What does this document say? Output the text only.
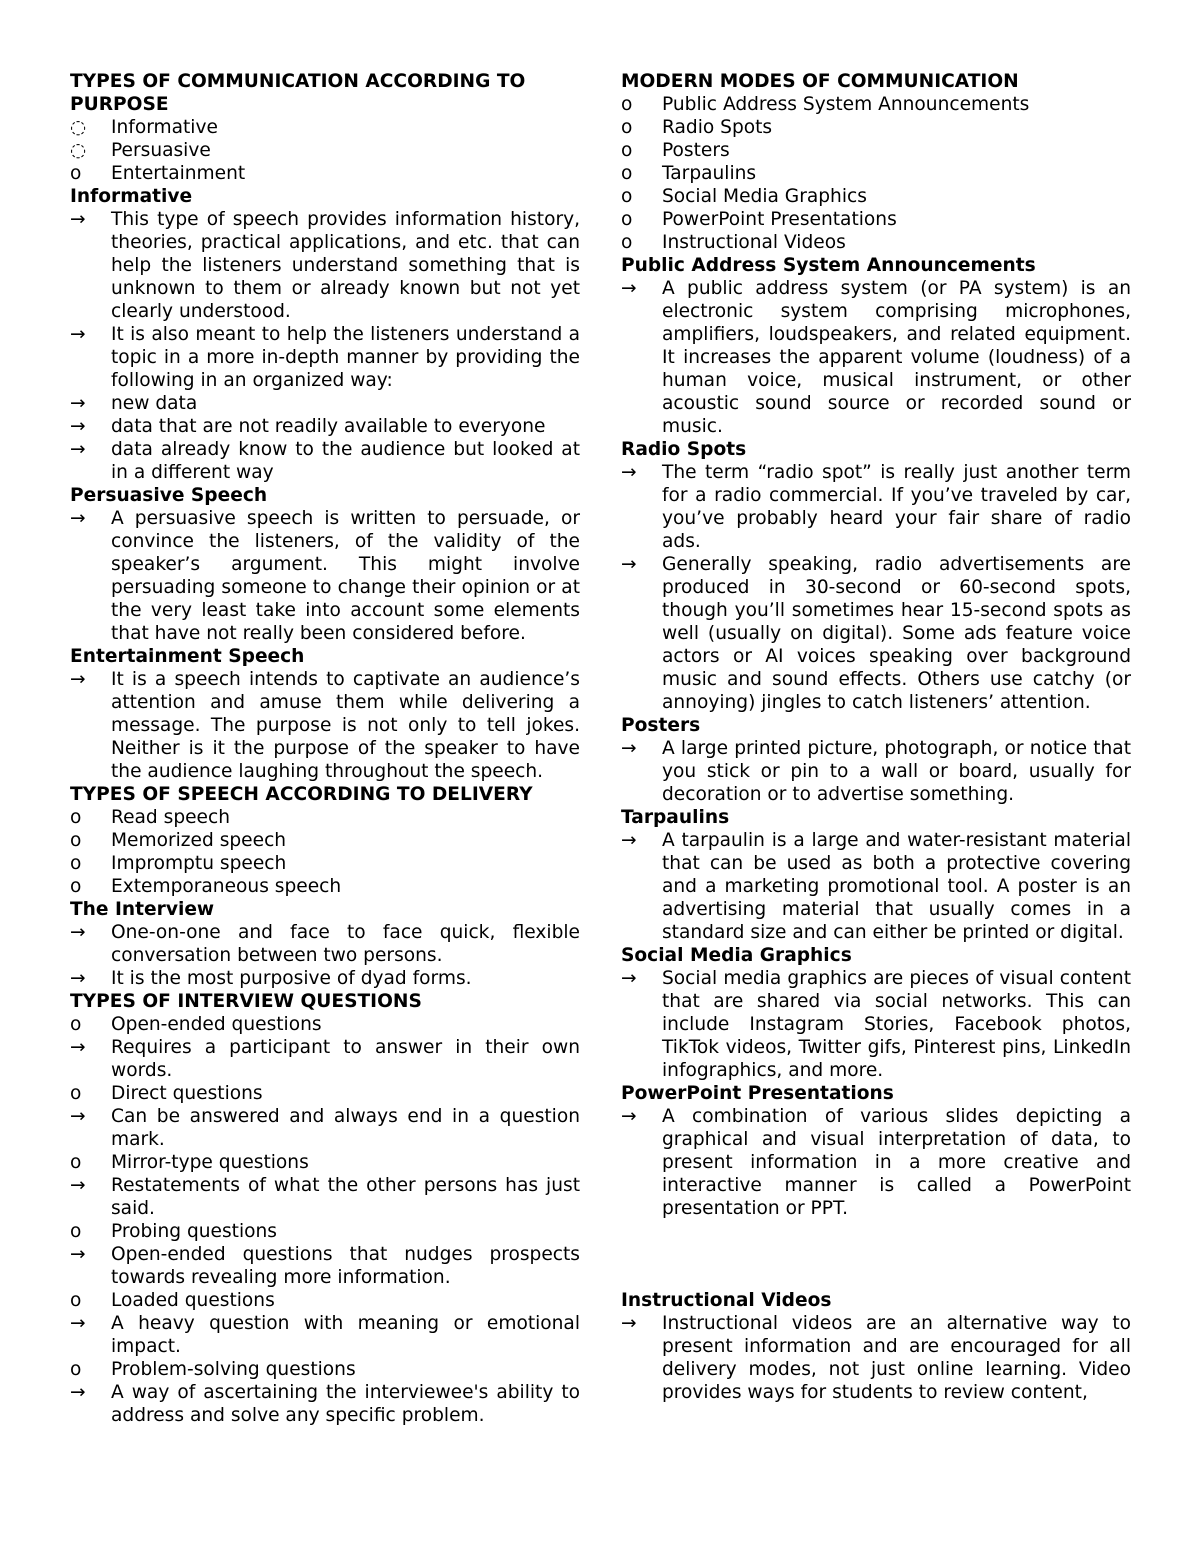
TYPES OF COMMUNICATION ACCORDING TO
PURPOSE
◌	Informative
◌	Persuasive
o	Entertainment
Informative
→	This type of speech provides information history, theories, practical applications, and etc. that can help the listeners understand something that is unknown to them or already known but not yet clearly understood.
→	It is also meant to help the listeners understand a topic in a more in-depth manner by providing the following in an organized way:
→	new data
→	data that are not readily available to everyone
→	data already know to the audience but looked at in a different way
Persuasive Speech
→	A persuasive speech is written to persuade, or convince the listeners, of the validity of the speaker’s argument. This might involve persuading someone to change their opinion or at the very least take into account some elements that have not really been considered before.
Entertainment Speech
→	It is a speech intends to captivate an audience’s attention and amuse them while delivering a message. The purpose is not only to tell jokes. Neither is it the purpose of the speaker to have the audience laughing throughout the speech.
TYPES OF SPEECH ACCORDING TO DELIVERY
o	Read speech
o	Memorized speech
o	Impromptu speech
o	Extemporaneous speech
The Interview
→	One-on-one and face to face quick, flexible conversation between two persons.
→	It is the most purposive of dyad forms.
TYPES OF INTERVIEW QUESTIONS
o	Open-ended questions
→	Requires a participant to answer in their own words.
o	Direct questions
→	Can be answered and always end in a question mark.
o	Mirror-type questions
→	Restatements of what the other persons has just said.
o	Probing questions
→	Open-ended questions that nudges prospects towards revealing more information.
o	Loaded questions
→	A heavy question with meaning or emotional impact.
o	Problem-solving questions
→	A way of ascertaining the interviewee's ability to address and solve any specific problem.
MODERN MODES OF COMMUNICATION
o	Public Address System Announcements
o	Radio Spots
o	Posters
o	Tarpaulins
o	Social Media Graphics
o	PowerPoint Presentations
o	Instructional Videos
Public Address System Announcements
→	A public address system (or PA system) is an electronic system comprising microphones, amplifiers, loudspeakers, and related equipment. It increases the apparent volume (loudness) of a human voice, musical instrument, or other acoustic sound source or recorded sound or music.
Radio Spots
→	The term “radio spot” is really just another term for a radio commercial. If you’ve traveled by car, you’ve probably heard your fair share of radio ads.
→	Generally speaking, radio advertisements are produced in 30-second or 60-second spots, though you’ll sometimes hear 15-second spots as well (usually on digital). Some ads feature voice actors or AI voices speaking over background music and sound effects. Others use catchy (or annoying) jingles to catch listeners’ attention.
Posters
→	A large printed picture, photograph, or notice that you stick or pin to a wall or board, usually for decoration or to advertise something.
Tarpaulins
→	A tarpaulin is a large and water-resistant material that can be used as both a protective covering and a marketing promotional tool. A poster is an advertising material that usually comes in a standard size and can either be printed or digital.
Social Media Graphics
→	Social media graphics are pieces of visual content that are shared via social networks. This can include Instagram Stories, Facebook photos, TikTok videos, Twitter gifs, Pinterest pins, LinkedIn infographics, and more.
PowerPoint Presentations
→	A combination of various slides depicting a graphical and visual interpretation of data, to present information in a more creative and interactive manner is called a PowerPoint presentation or PPT.
Instructional Videos
→	Instructional videos are an alternative way to present information and are encouraged for all delivery modes, not just online learning. Video provides ways for students to review content,
